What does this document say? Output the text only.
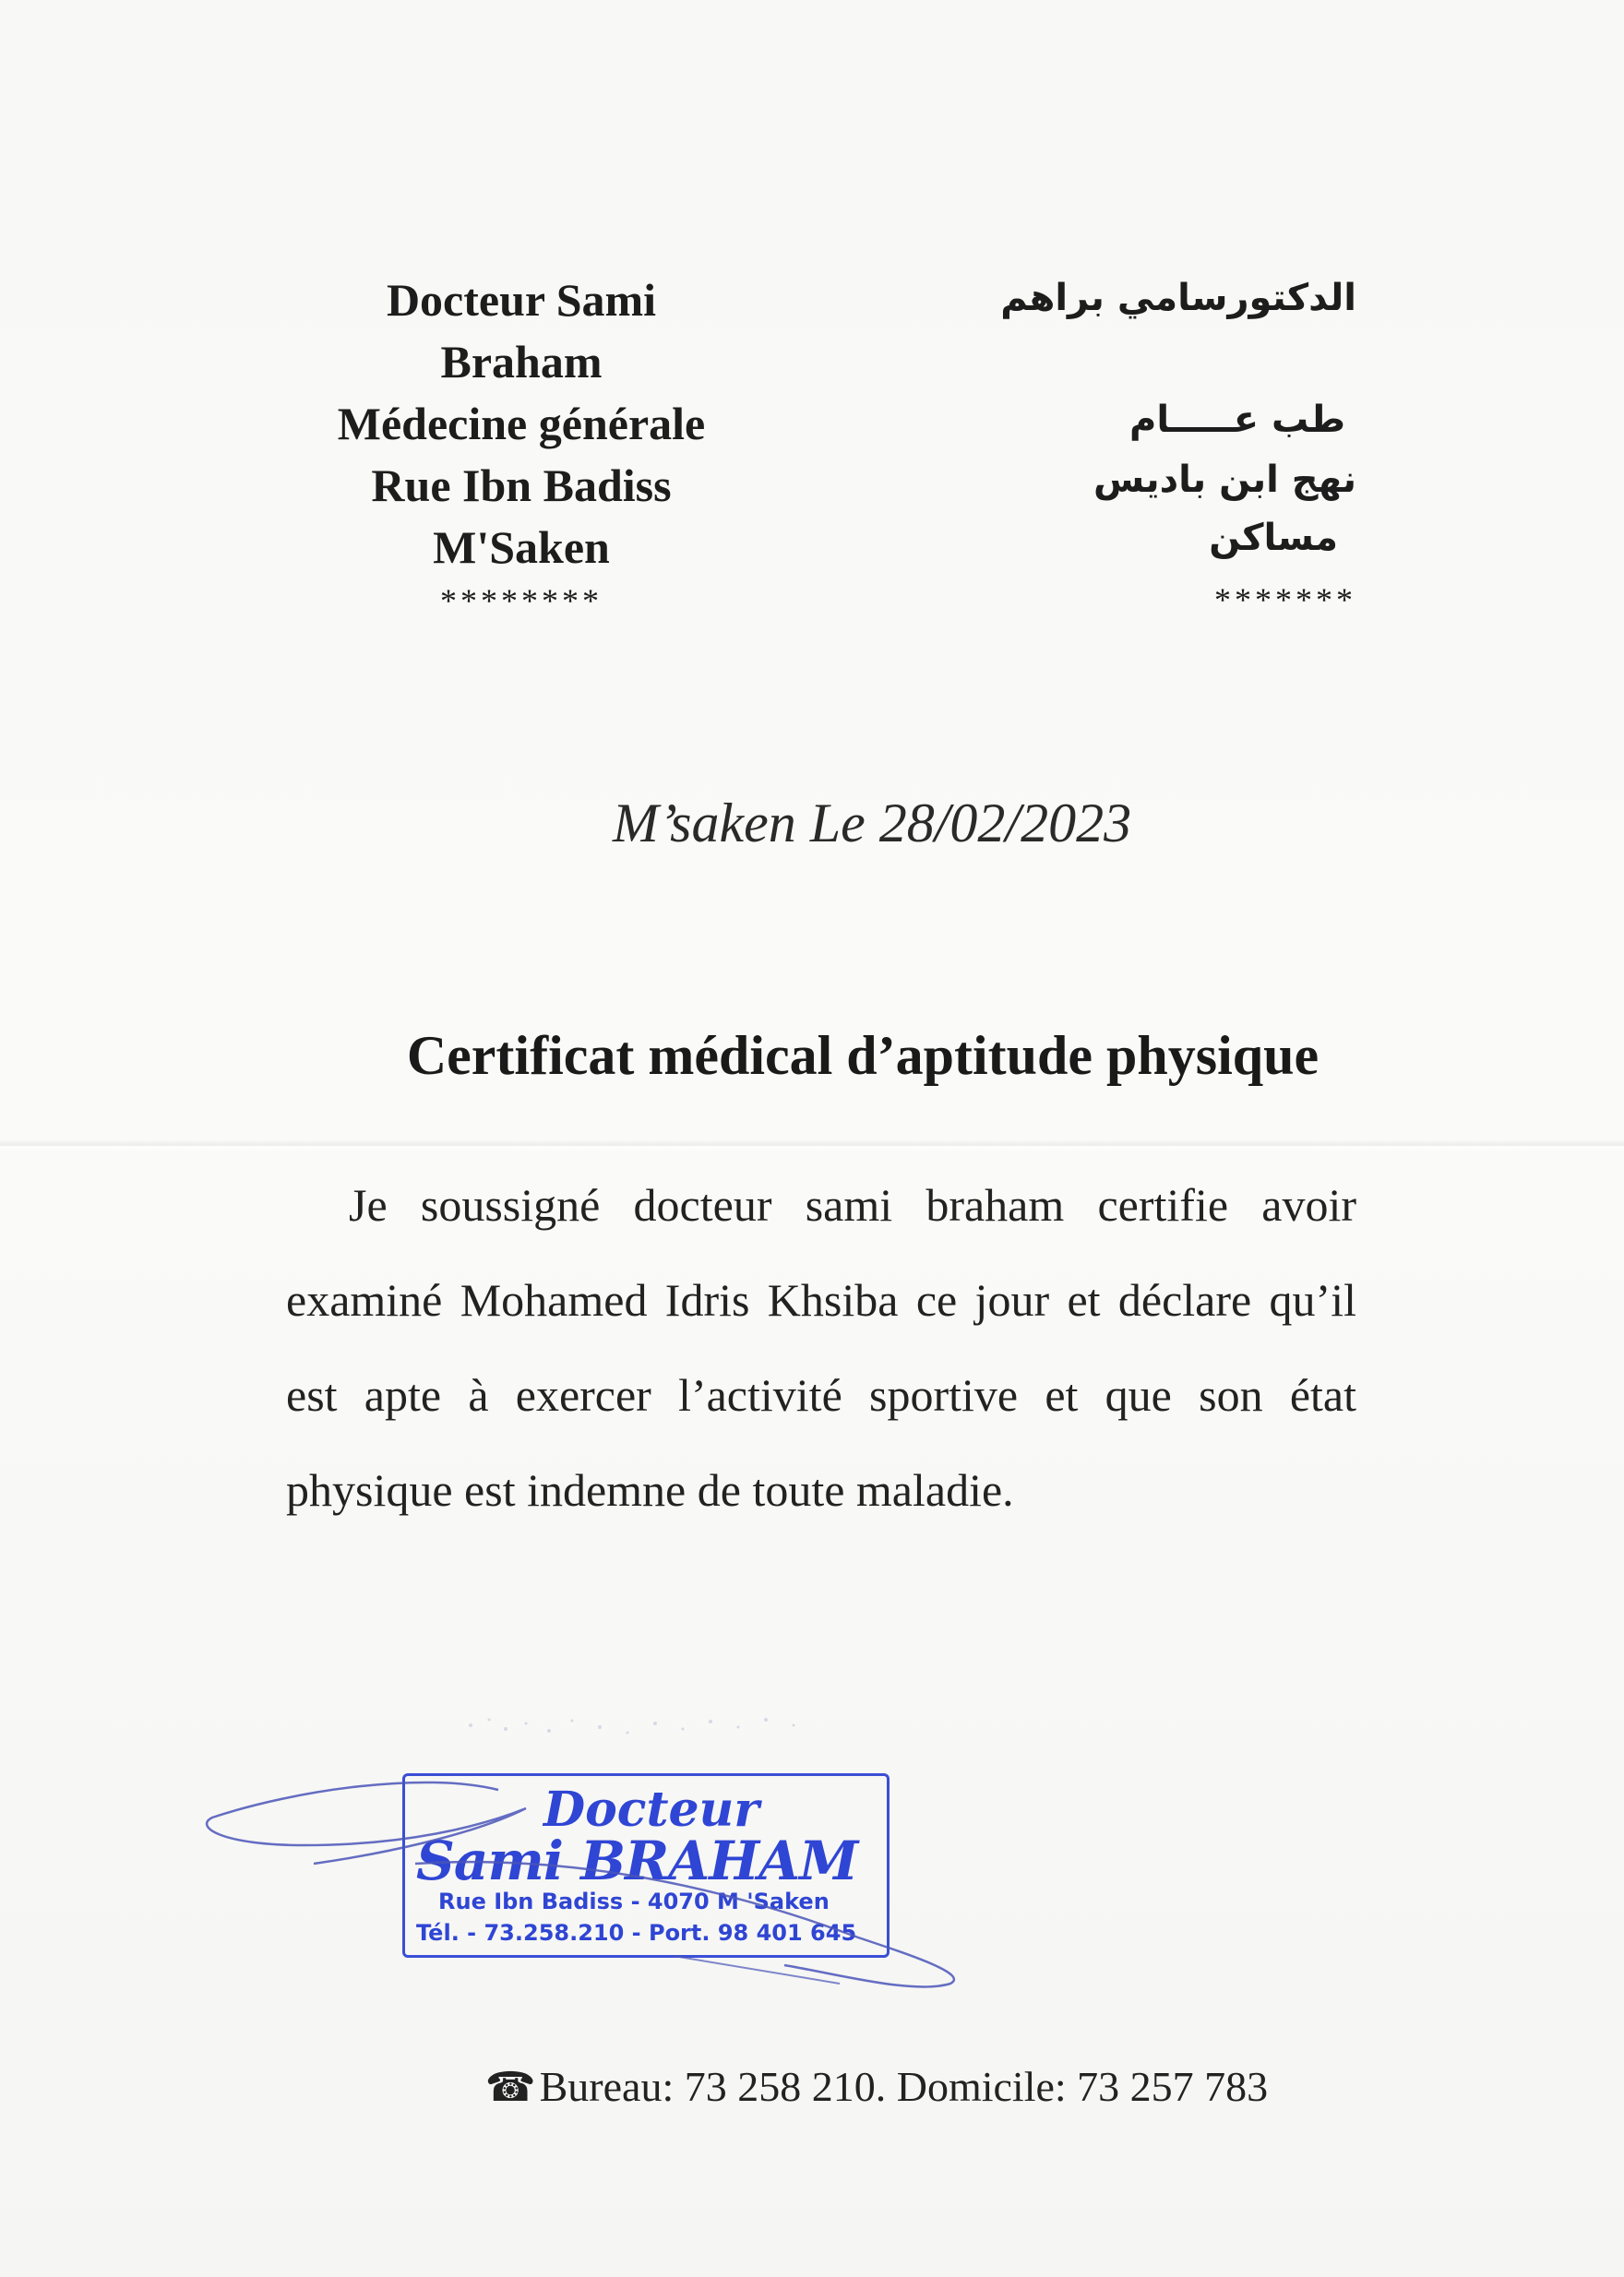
Docteur Sami
Braham
Médecine générale
Rue Ibn Badiss
M'Saken
********
الدكتورسامي براهم
طب عـــــام
نهج ابن باديس
مساكن
*******
M’saken Le 28/02/2023
Certificat médical d’aptitude physique
Je soussigné docteur sami braham certifie avoir examiné Mohamed Idris Khsiba ce jour et déclare qu’il est apte à exercer l’activité sportive et que son état physique est indemne de toute maladie.
Docteur
Sami BRAHAM
Rue Ibn Badiss - 4070 M 'Saken
Tél. - 73.258.210 - Port. 98 401 645
☎Bureau: 73 258 210. Domicile: 73 257 783
